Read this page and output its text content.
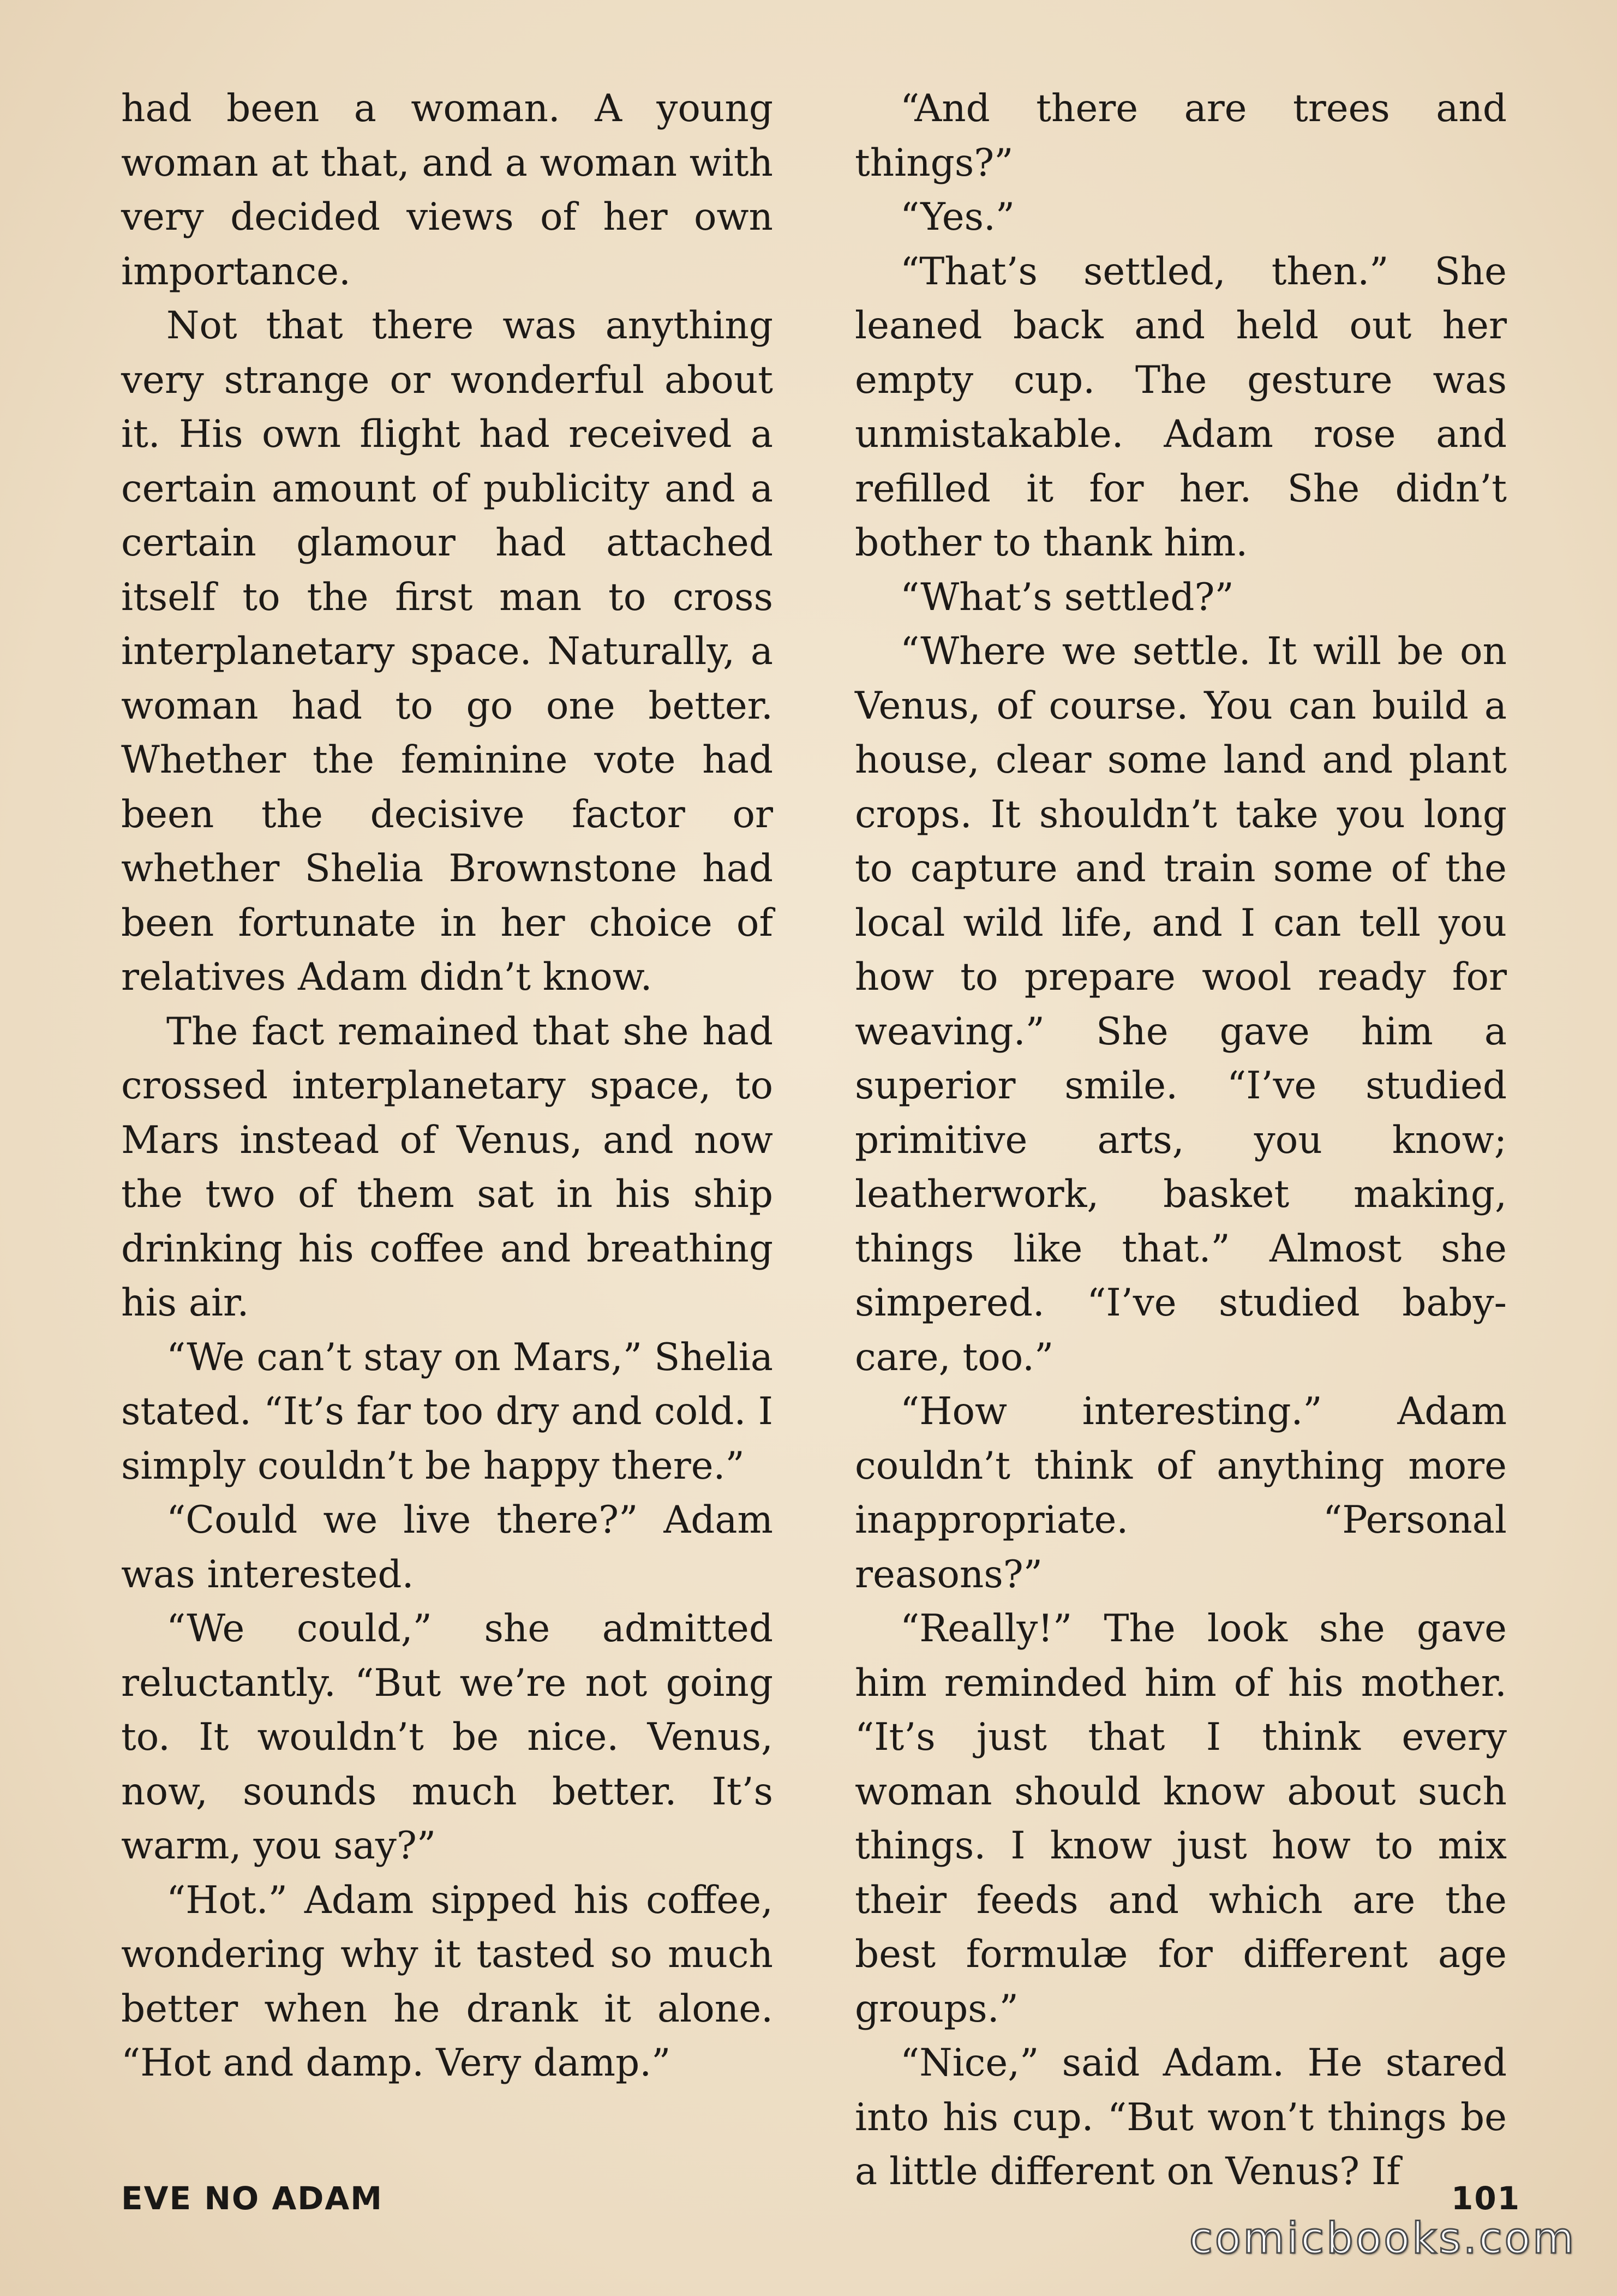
had been a woman. A young woman at that, and a woman with very decided views of her own importance.

Not that there was anything very strange or wonderful about it. His own flight had received a certain amount of publicity and a certain glamour had attached itself to the first man to cross interplanetary space. Naturally, a woman had to go one better. Whether the feminine vote had been the decisive factor or whether Shelia Brownstone had been fortunate in her choice of relatives Adam didn’t know.

The fact remained that she had crossed interplanetary space, to Mars instead of Venus, and now the two of them sat in his ship drinking his coffee and breathing his air.

“We can’t stay on Mars,” Shelia stated. “It’s far too dry and cold. I simply couldn’t be happy there.”

“Could we live there?” Adam was interested.

“We could,” she admitted reluctantly. “But we’re not going to. It wouldn’t be nice. Venus, now, sounds much better. It’s warm, you say?”

“Hot.” Adam sipped his coffee, wondering why it tasted so much better when he drank it alone. “Hot and damp. Very damp.”

“And there are trees and things?”

“Yes.”

“That’s settled, then.” She leaned back and held out her empty cup. The gesture was unmistakable. Adam rose and refilled it for her. She didn’t bother to thank him.

“What’s settled?”

“Where we settle. It will be on Venus, of course. You can build a house, clear some land and plant crops. It shouldn’t take you long to capture and train some of the local wild life, and I can tell you how to prepare wool ready for weaving.” She gave him a superior smile. “I’ve studied primitive arts, you know; leatherwork, basket making, things like that.” Almost she simpered. “I’ve studied baby-care, too.”

“How interesting.” Adam couldn’t think of anything more inappropriate. “Personal reasons?”

“Really!” The look she gave him reminded him of his mother. “It’s just that I think every woman should know about such things. I know just how to mix their feeds and which are the best formulæ for different age groups.”

“Nice,” said Adam. He stared into his cup. “But won’t things be a little different on Venus? If

EVE NO ADAM	101
comicbooks.com
